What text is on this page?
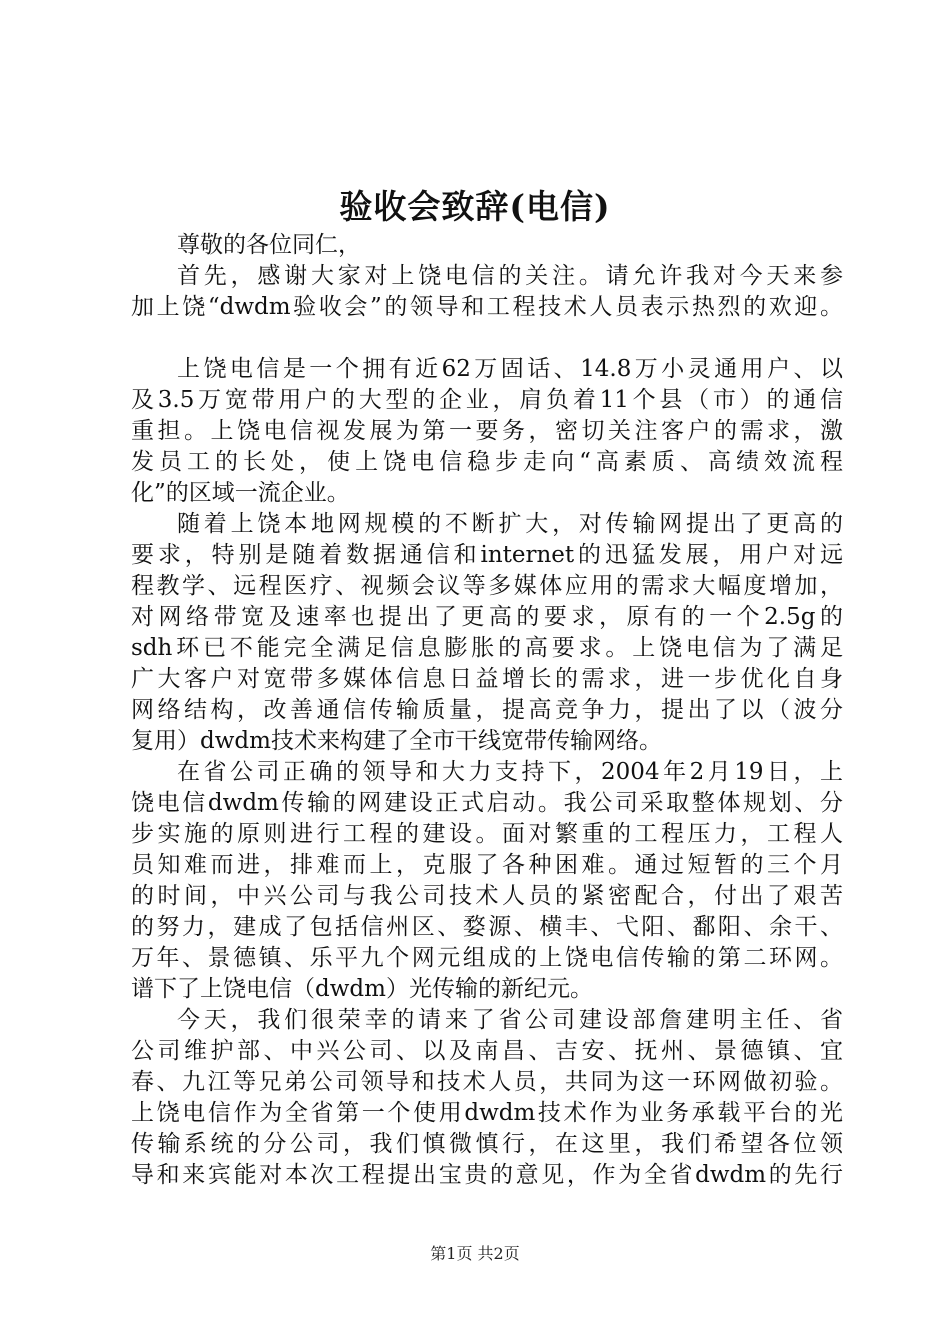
验收会致辞(电信)
尊敬的各位同仁，
首先，感谢大家对上饶电信的关注。请允许我对今天来参
加上饶“dwdm验收会”的领导和工程技术人员表示热烈的欢迎。
上饶电信是一个拥有近62万固话、14.8万小灵通用户、以
及3.5万宽带用户的大型的企业，肩负着11个县（市）的通信
重担。上饶电信视发展为第一要务，密切关注客户的需求，激
发员工的长处，使上饶电信稳步走向“高素质、高绩效流程
化”的区域一流企业。
随着上饶本地网规模的不断扩大，对传输网提出了更高的
要求，特别是随着数据通信和internet的迅猛发展，用户对远
程教学、远程医疗、视频会议等多媒体应用的需求大幅度增加，
对网络带宽及速率也提出了更高的要求，原有的一个2.5g的
sdh环已不能完全满足信息膨胀的高要求。上饶电信为了满足
广大客户对宽带多媒体信息日益增长的需求，进一步优化自身
网络结构，改善通信传输质量，提高竞争力，提出了以（波分
复用）dwdm技术来构建了全市干线宽带传输网络。
在省公司正确的领导和大力支持下，2004年2月19日，上
饶电信dwdm传输的网建设正式启动。我公司采取整体规划、分
步实施的原则进行工程的建设。面对繁重的工程压力，工程人
员知难而进，排难而上，克服了各种困难。通过短暂的三个月
的时间，中兴公司与我公司技术人员的紧密配合，付出了艰苦
的努力，建成了包括信州区、婺源、横丰、弋阳、鄱阳、余干、
万年、景德镇、乐平九个网元组成的上饶电信传输的第二环网。
谱下了上饶电信（dwdm）光传输的新纪元。
今天，我们很荣幸的请来了省公司建设部詹建明主任、省
公司维护部、中兴公司、以及南昌、吉安、抚州、景德镇、宜
春、九江等兄弟公司领导和技术人员，共同为这一环网做初验。
上饶电信作为全省第一个使用dwdm技术作为业务承载平台的光
传输系统的分公司，我们慎微慎行，在这里，我们希望各位领
导和来宾能对本次工程提出宝贵的意见，作为全省dwdm的先行
第1页 共2页
